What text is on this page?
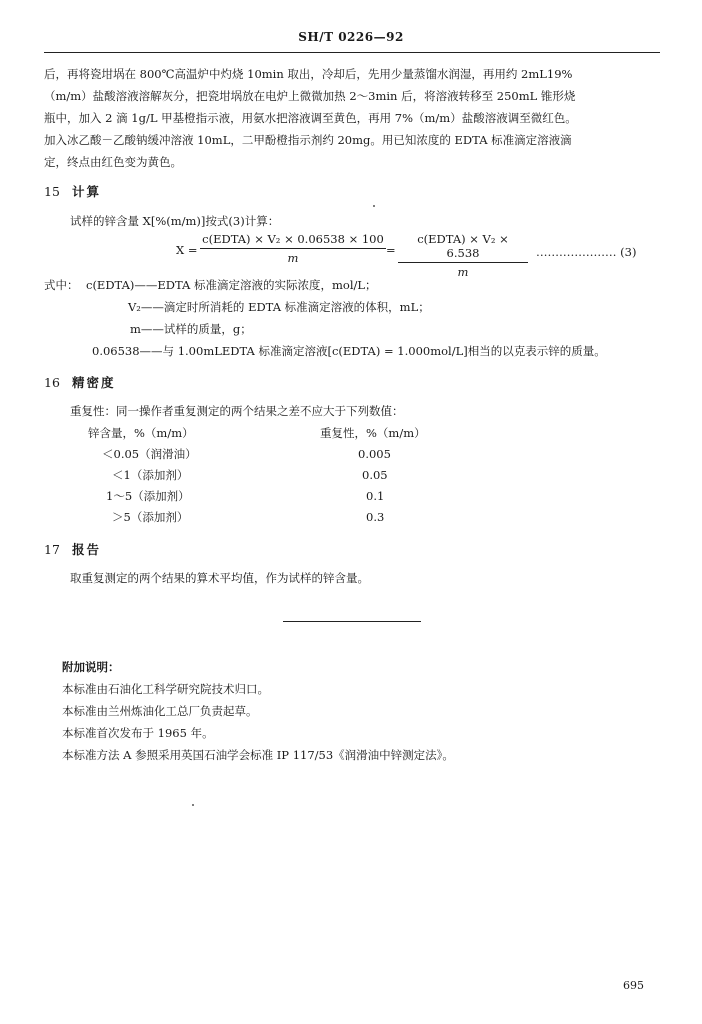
SH/T 0226—92
后，再将瓷坩埚在 800℃高温炉中灼烧 10min 取出，冷却后，先用少量蒸馏水润湿，再用约 2mL19%
（m/m）盐酸溶液溶解灰分，把瓷坩埚放在电炉上微微加热 2～3min 后，将溶液转移至 250mL 锥形烧
瓶中，加入 2 滴 1g/L 甲基橙指示液，用氨水把溶液调至黄色，再用 7%（m/m）盐酸溶液调至微红色。
加入冰乙酸－乙酸钠缓冲溶液 10mL，二甲酚橙指示剂约 20mg。用已知浓度的 EDTA 标准滴定溶液滴
定，终点由红色变为黄色。
15 计算
试样的锌含量 X[%(m/m)]按式(3)计算：
X =
c(EDTA) × V₂ × 0.06538 × 100
m
=
c(EDTA) × V₂ × 6.538
m
………………… (3)
式中： c(EDTA)——EDTA 标准滴定溶液的实际浓度，mol/L；
V₂——滴定时所消耗的 EDTA 标准滴定溶液的体积，mL；
m——试样的质量，g；
0.06538——与 1.00mLEDTA 标准滴定溶液[c(EDTA) = 1.000mol/L]相当的以克表示锌的质量。
16 精密度
重复性：同一操作者重复测定的两个结果之差不应大于下列数值：
锌含量，%（m/m）	重复性，%（m/m）
＜0.05（润滑油）	0.005
＜1（添加剂）	0.05
1～5（添加剂）	0.1
＞5（添加剂）	0.3
17 报告
取重复测定的两个结果的算术平均值，作为试样的锌含量。
附加说明：
本标准由石油化工科学研究院技术归口。
本标准由兰州炼油化工总厂负责起草。
本标准首次发布于 1965 年。
本标准方法 A 参照采用英国石油学会标准 IP 117/53《润滑油中锌测定法》。
695
